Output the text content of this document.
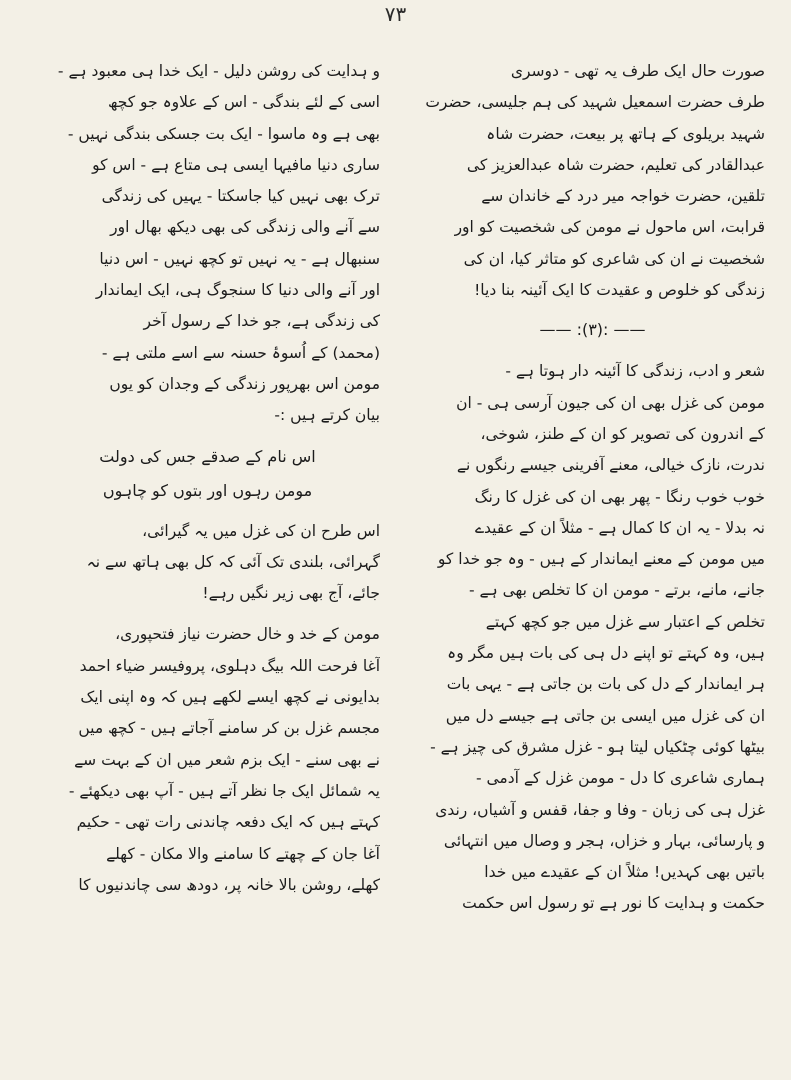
٧٣
صورت حال ایک طرف یہ تھی - دوسری
طرف حضرت اسمعیل شہید کی ہم جلیسی، حضرت
شہید بریلوی کے ہاتھ پر بیعت، حضرت شاہ
عبدالقادر کی تعلیم، حضرت شاہ عبدالعزیز کی
تلقین، حضرت خواجہ میر درد کے خاندان سے
قرابت، اس ماحول نے مومن کی شخصیت کو اور
شخصیت نے ان کی شاعری کو متاثر کیا، ان کی
زندگی کو خلوص و عقیدت کا ایک آئینہ بنا دیا!
—— :(۳): ——
شعر و ادب، زندگی کا آئینہ دار ہوتا ہے -
مومن کی غزل بھی ان کی جیون آرسی ہی - ان
کے اندرون کی تصویر کو ان کے طنز، شوخی،
ندرت، نازک خیالی، معنے آفرینی جیسے رنگوں نے
خوب خوب رنگا - پھر بھی ان کی غزل کا رنگ
نہ بدلا - یہ ان کا کمال ہے - مثلاً ان کے عقیدے
میں مومن کے معنے ایماندار کے ہیں - وہ جو خدا کو
جانے، مانے، برتے - مومن ان کا تخلص بھی ہے -
تخلص کے اعتبار سے غزل میں جو کچھ کہتے
ہیں، وہ کہتے تو اپنے دل ہی کی بات ہیں مگر وہ
ہر ایماندار کے دل کی بات بن جاتی ہے - یہی بات
ان کی غزل میں ایسی بن جاتی ہے جیسے دل میں
بیٹھا کوئی چٹکیاں لیتا ہو - غزل مشرق کی چیز ہے -
ہماری شاعری کا دل - مومن غزل کے آدمی -
غزل ہی کی زبان - وفا و جفا، قفس و آشیاں، رندی
و پارسائی، بہار و خزاں، ہجر و وصال میں انتہائی
باتیں بھی کہدیں! مثلاً ان کے عقیدے میں خدا
حکمت و ہدایت کا نور ہے تو رسول اس حکمت
و ہدایت کی روشن دلیل - ایک خدا ہی معبود ہے -
اسی کے لئے بندگی - اس کے علاوہ جو کچھ
بھی ہے وہ ماسوا - ایک بت جسکی بندگی نہیں -
ساری دنیا مافیہا ایسی ہی متاع ہے - اس کو
ترک بھی نہیں کیا جاسکتا - یہیں کی زندگی
سے آنے والی زندگی کی بھی دیکھ بھال اور
سنبھال ہے - یہ نہیں تو کچھ نہیں - اس دنیا
اور آنے والی دنیا کا سنجوگ ہی، ایک ایماندار
کی زندگی ہے، جو خدا کے رسول آخر
(محمد) کے اُسوۂ حسنہ سے اسے ملتی ہے -
مومن اس بھرپور زندگی کے وجدان کو یوں
بیان کرتے ہیں :-
اس نام کے صدقے جس کی دولت
مومن رہوں اور بتوں کو چاہوں
اس طرح ان کی غزل میں یہ گیرائی،
گہرائی، بلندی تک آئی کہ کل بھی ہاتھ سے نہ
جائے، آج بھی زیر نگیں رہے!
مومن کے خد و خال حضرت نیاز فتحپوری،
آغا فرحت اللہ بیگ دہلوی، پروفیسر ضیاء احمد
بدایونی نے کچھ ایسے لکھے ہیں کہ وہ اپنی ایک
مجسم غزل بن کر سامنے آجاتے ہیں - کچھ میں
نے بھی سنے - ایک بزم شعر میں ان کے بہت سے
یہ شمائل ایک جا نظر آتے ہیں - آپ بھی دیکھئے -
کہتے ہیں کہ ایک دفعہ چاندنی رات تھی - حکیم
آغا جان کے چھتے کا سامنے والا مکان - کھلے
کھلے، روشن بالا خانہ پر، دودھ سی چاندنیوں کا
